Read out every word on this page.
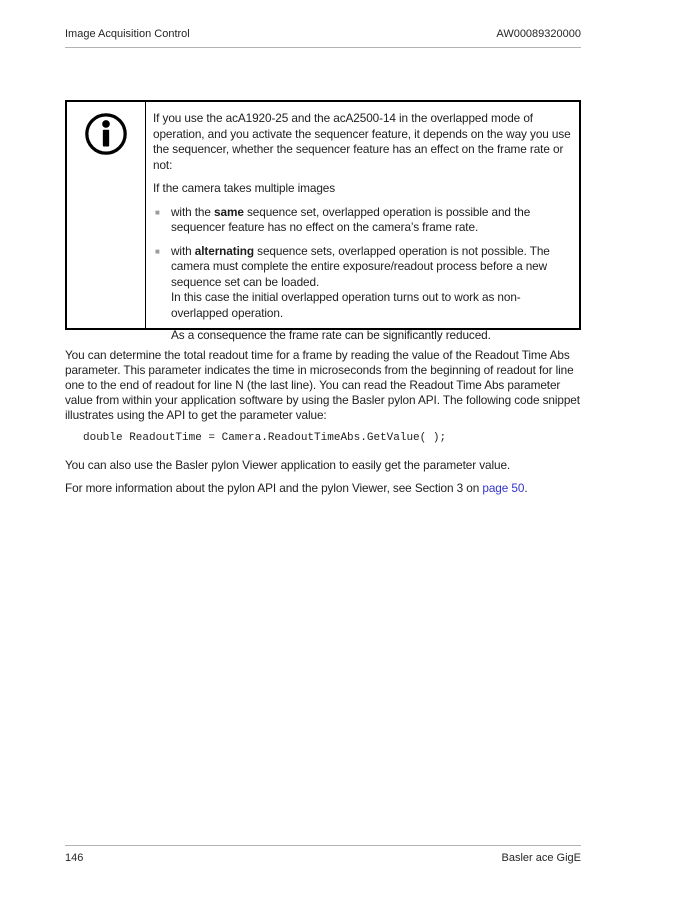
Image Acquisition Control	AW00089320000

If you use the acA1920-25 and the acA2500-14 in the overlapped mode of operation, and you activate the sequencer feature, it depends on the way you use the sequencer, whether the sequencer feature has an effect on the frame rate or not:

If the camera takes multiple images

■ with the same sequence set, overlapped operation is possible and the sequencer feature has no effect on the camera’s frame rate.
■ with alternating sequence sets, overlapped operation is not possible. The camera must complete the entire exposure/readout process before a new sequence set can be loaded.
In this case the initial overlapped operation turns out to work as non-overlapped operation.
As a consequence the frame rate can be significantly reduced.

You can determine the total readout time for a frame by reading the value of the Readout Time Abs parameter. This parameter indicates the time in microseconds from the beginning of readout for line one to the end of readout for line N (the last line). You can read the Readout Time Abs parameter value from within your application software by using the Basler pylon API. The following code snippet illustrates using the API to get the parameter value:

double ReadoutTime = Camera.ReadoutTimeAbs.GetValue( );

You can also use the Basler pylon Viewer application to easily get the parameter value.

For more information about the pylon API and the pylon Viewer, see Section 3 on page 50.

146	Basler ace GigE
